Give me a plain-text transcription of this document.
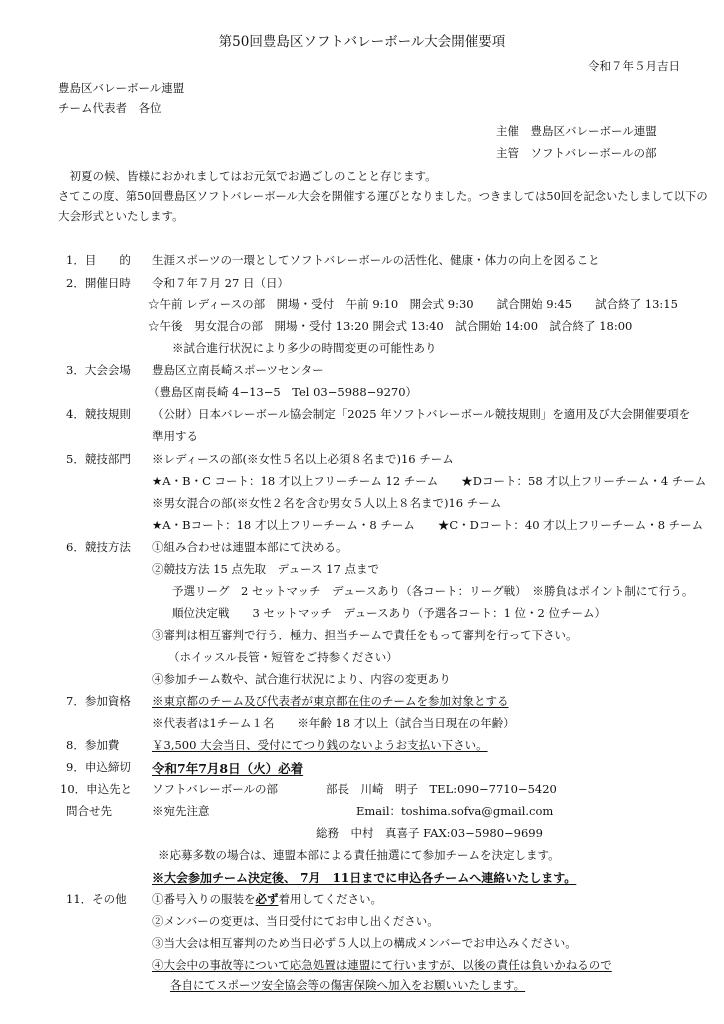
第50回豊島区ソフトバレーボール大会開催要項
令和７年５月吉日
豊島区バレーボール連盟
チーム代表者　各位
主催　豊島区バレーボール連盟
主管　ソフトバレーボールの部
　初夏の候、皆様におかれましてはお元気でお過ごしのことと存じます。
さてこの度、第50回豊島区ソフトバレーボール大会を開催する運びとなりました。つきましては50回を記念いたしまして以下の
大会形式といたします。
1．目　　的 生涯スポーツの一環としてソフトバレーボールの活性化、健康・体力の向上を図ること
2．開催日時 令和７年７月 27 日（日）
☆午前 レディースの部　開場・受付　午前 9:10　開会式 9:30　　試合開始 9:45　　試合終了 13:15
☆午後　男女混合の部　開場・受付 13:20 開会式 13:40　試合開始 14:00　試合終了 18:00
※試合進行状況により多少の時間変更の可能性あり
3．大会会場 豊島区立南長崎スポーツセンター
（豊島区南長崎 4−13−5　Tel 03−5988−9270）
4．競技規則 （公財）日本バレーボール協会制定「2025 年ソフトバレーボール競技規則」を適用及び大会開催要項を
準用する
5．競技部門 ※レディースの部(※女性５名以上必須８名まで)16 チーム
★A・B・C コート：18 才以上フリーチーム 12 チーム　　★Dコート：58 才以上フリーチーム・4 チーム
※男女混合の部(※女性２名を含む男女５人以上８名まで)16 チーム
★A・Bコート：18 才以上フリーチーム・8 チーム　　★C・Dコート：40 才以上フリーチーム・8 チーム
6．競技方法 ①組み合わせは連盟本部にて決める。
②競技方法 15 点先取　デュース 17 点まで
予選リーグ　2 セットマッチ　デュースあり（各コート：リーグ戦）　※勝負はポイント制にて行う。
順位決定戦　　3 セットマッチ　デュースあり（予選各コート：1 位・2 位チーム）
③審判は相互審判で行う．極力、担当チームで責任をもって審判を行って下さい。
（ホイッスル長管・短管をご持参ください）
④参加チーム数や、試合進行状況により、内容の変更あり
7．参加資格 ※東京都のチーム及び代表者が東京都在住のチームを参加対象とする
※代表者は1チーム１名　　※年齢 18 才以上（試合当日現在の年齢）
8．参加費	￥3,500 大会当日、受付にてつり銭のないようお支払い下さい。
9．申込締切 令和7年7月8日（火）必着
10．申込先と
問合せ先
ソフトバレーボールの部	部長　川崎　明子　TEL:090−7710−5420
※宛先注意	Email：toshima.sofva@gmail.com
総務　中村　真喜子 FAX:03−5980−9699
※応募多数の場合は、連盟本部による責任抽選にて参加チームを決定します。
※大会参加チーム決定後、 7月　11日までに申込各チームへ連絡いたします。
11．その他 ①番号入りの服装を必ず着用してください。
②メンバーの変更は、当日受付にてお申し出ください。
③当大会は相互審判のため当日必ず５人以上の構成メンバーでお申込みください。
④大会中の事故等について応急処置は連盟にて行いますが、以後の責任は負いかねるので
各自にてスポーツ安全協会等の傷害保険へ加入をお願いいたします。
